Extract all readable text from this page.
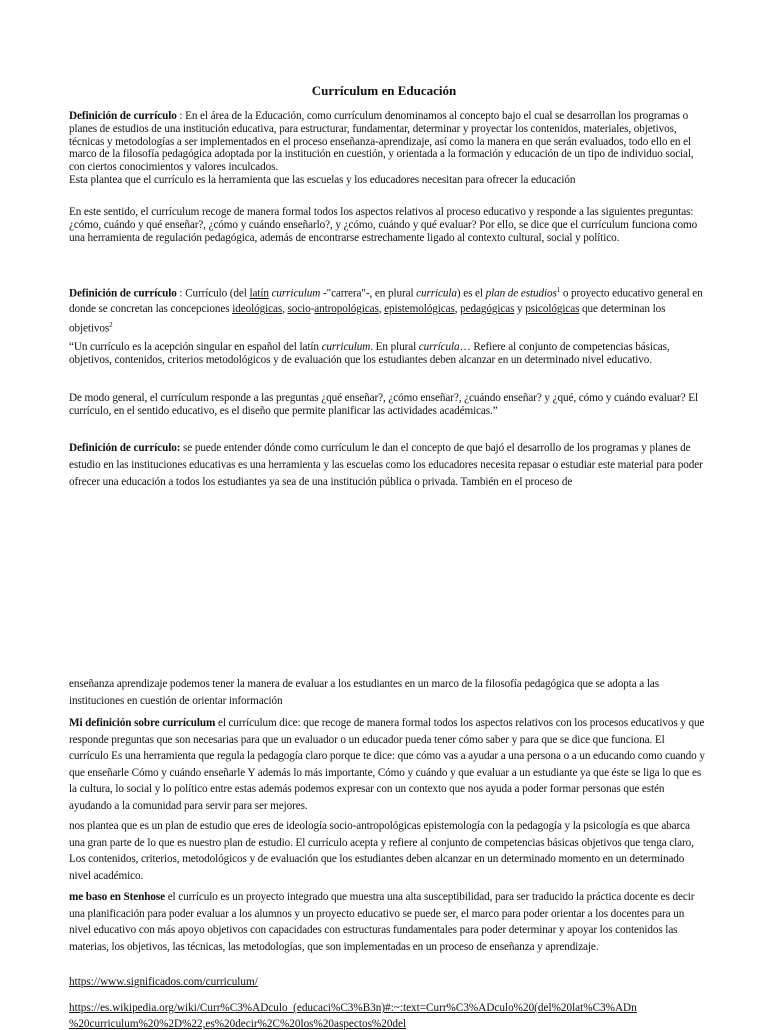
Currículum en Educación
Definición de currículo : En el área de la Educación, como currículum denominamos al concepto bajo el cual se desarrollan los programas o planes de estudios de una institución educativa, para estructurar, fundamentar, determinar y proyectar los contenidos, materiales, objetivos, técnicas y metodologías a ser implementados en el proceso enseñanza-aprendizaje, así como la manera en que serán evaluados, todo ello en el marco de la filosofía pedagógica adoptada por la institución en cuestión, y orientada a la formación y educación de un tipo de individuo social, con ciertos conocimientos y valores inculcados.
Esta plantea que el currículo es la herramienta que las escuelas y los educadores necesitan para ofrecer la educación
En este sentido, el currículum recoge de manera formal todos los aspectos relativos al proceso educativo y responde a las siguientes preguntas: ¿cómo, cuándo y qué enseñar?, ¿cómo y cuándo enseñarlo?, y ¿cómo, cuándo y qué evaluar? Por ello, se dice que el currículum funciona como una herramienta de regulación pedagógica, además de encontrarse estrechamente ligado al contexto cultural, social y político.
Definición de currículo : Currículo (del latín curriculum -"carrera"-, en plural curricula) es el plan de estudios$^1$ o proyecto educativo general en donde se concretan las concepciones ideológicas, socio-antropológicas, epistemológicas, pedagógicas y psicológicas que determinan los objetivos$^2$
“Un currículo es la acepción singular en español del latín curriculum. En plural currícula… Refiere al conjunto de competencias básicas, objetivos, contenidos, criterios metodológicos y de evaluación que los estudiantes deben alcanzar en un determinado nivel educativo.
De modo general, el currículum responde a las preguntas ¿qué enseñar?, ¿cómo enseñar?, ¿cuándo enseñar? y ¿qué, cómo y cuándo evaluar? El currículo, en el sentido educativo, es el diseño que permite planificar las actividades académicas.”
Definición de currículo: se puede entender dónde como currículum le dan el concepto de que bajó el desarrollo de los programas y planes de estudio en las instituciones educativas es una herramienta y las escuelas como los educadores necesita repasar o estudiar este material para poder ofrecer una educación a todos los estudiantes ya sea de una institución pública o privada. También en el proceso de
enseñanza aprendizaje podemos tener la manera de evaluar a los estudiantes en un marco de la filosofía pedagógica que se adopta a las instituciones en cuestión de orientar información
Mi definición sobre currículum el currículum dice: que recoge de manera formal todos los aspectos relativos con los procesos educativos y que responde preguntas que son necesarias para que un evaluador o un educador pueda tener cómo saber y para que se dice que funciona. El currículo Es una herramienta que regula la pedagogía claro porque te dice: que cómo vas a ayudar a una persona o a un educando como cuando y que enseñarle Cómo y cuándo enseñarle Y además lo más importante, Cómo y cuándo y que evaluar a un estudiante ya que éste se liga lo que es la cultura, lo social y lo político entre estas además podemos expresar con un contexto que nos ayuda a poder formar personas que estén ayudando a la comunidad para servir para ser mejores.
nos plantea que es un plan de estudio que eres de ideología socio-antropológicas epistemología con la pedagogía y la psicología es que abarca una gran parte de lo que es nuestro plan de estudio. El currículo acepta y refiere al conjunto de competencias básicas objetivos que tenga claro, Los contenidos, criterios, metodológicos y de evaluación que los estudiantes deben alcanzar en un determinado momento en un determinado nivel académico.
me baso en Stenhose el currículo es un proyecto integrado que muestra una alta susceptibilidad, para ser traducido la práctica docente es decir una planificación para poder evaluar a los alumnos y un proyecto educativo se puede ser, el marco para poder orientar a los docentes para un nivel educativo con más apoyo objetivos con capacidades con estructuras fundamentales para poder determinar y apoyar los contenidos las materias, los objetivos, las técnicas, las metodologías, que son implementadas en un proceso de enseñanza y aprendizaje.
https://www.significados.com/curriculum/
https://es.wikipedia.org/wiki/Curr%C3%ADculo_(educaci%C3%B3n)#:~:text=Curr%C3%ADculo%20(del%20lat%C3%ADn
%20curriculum%20%2D%22,es%20decir%2C%20los%20aspectos%20del
